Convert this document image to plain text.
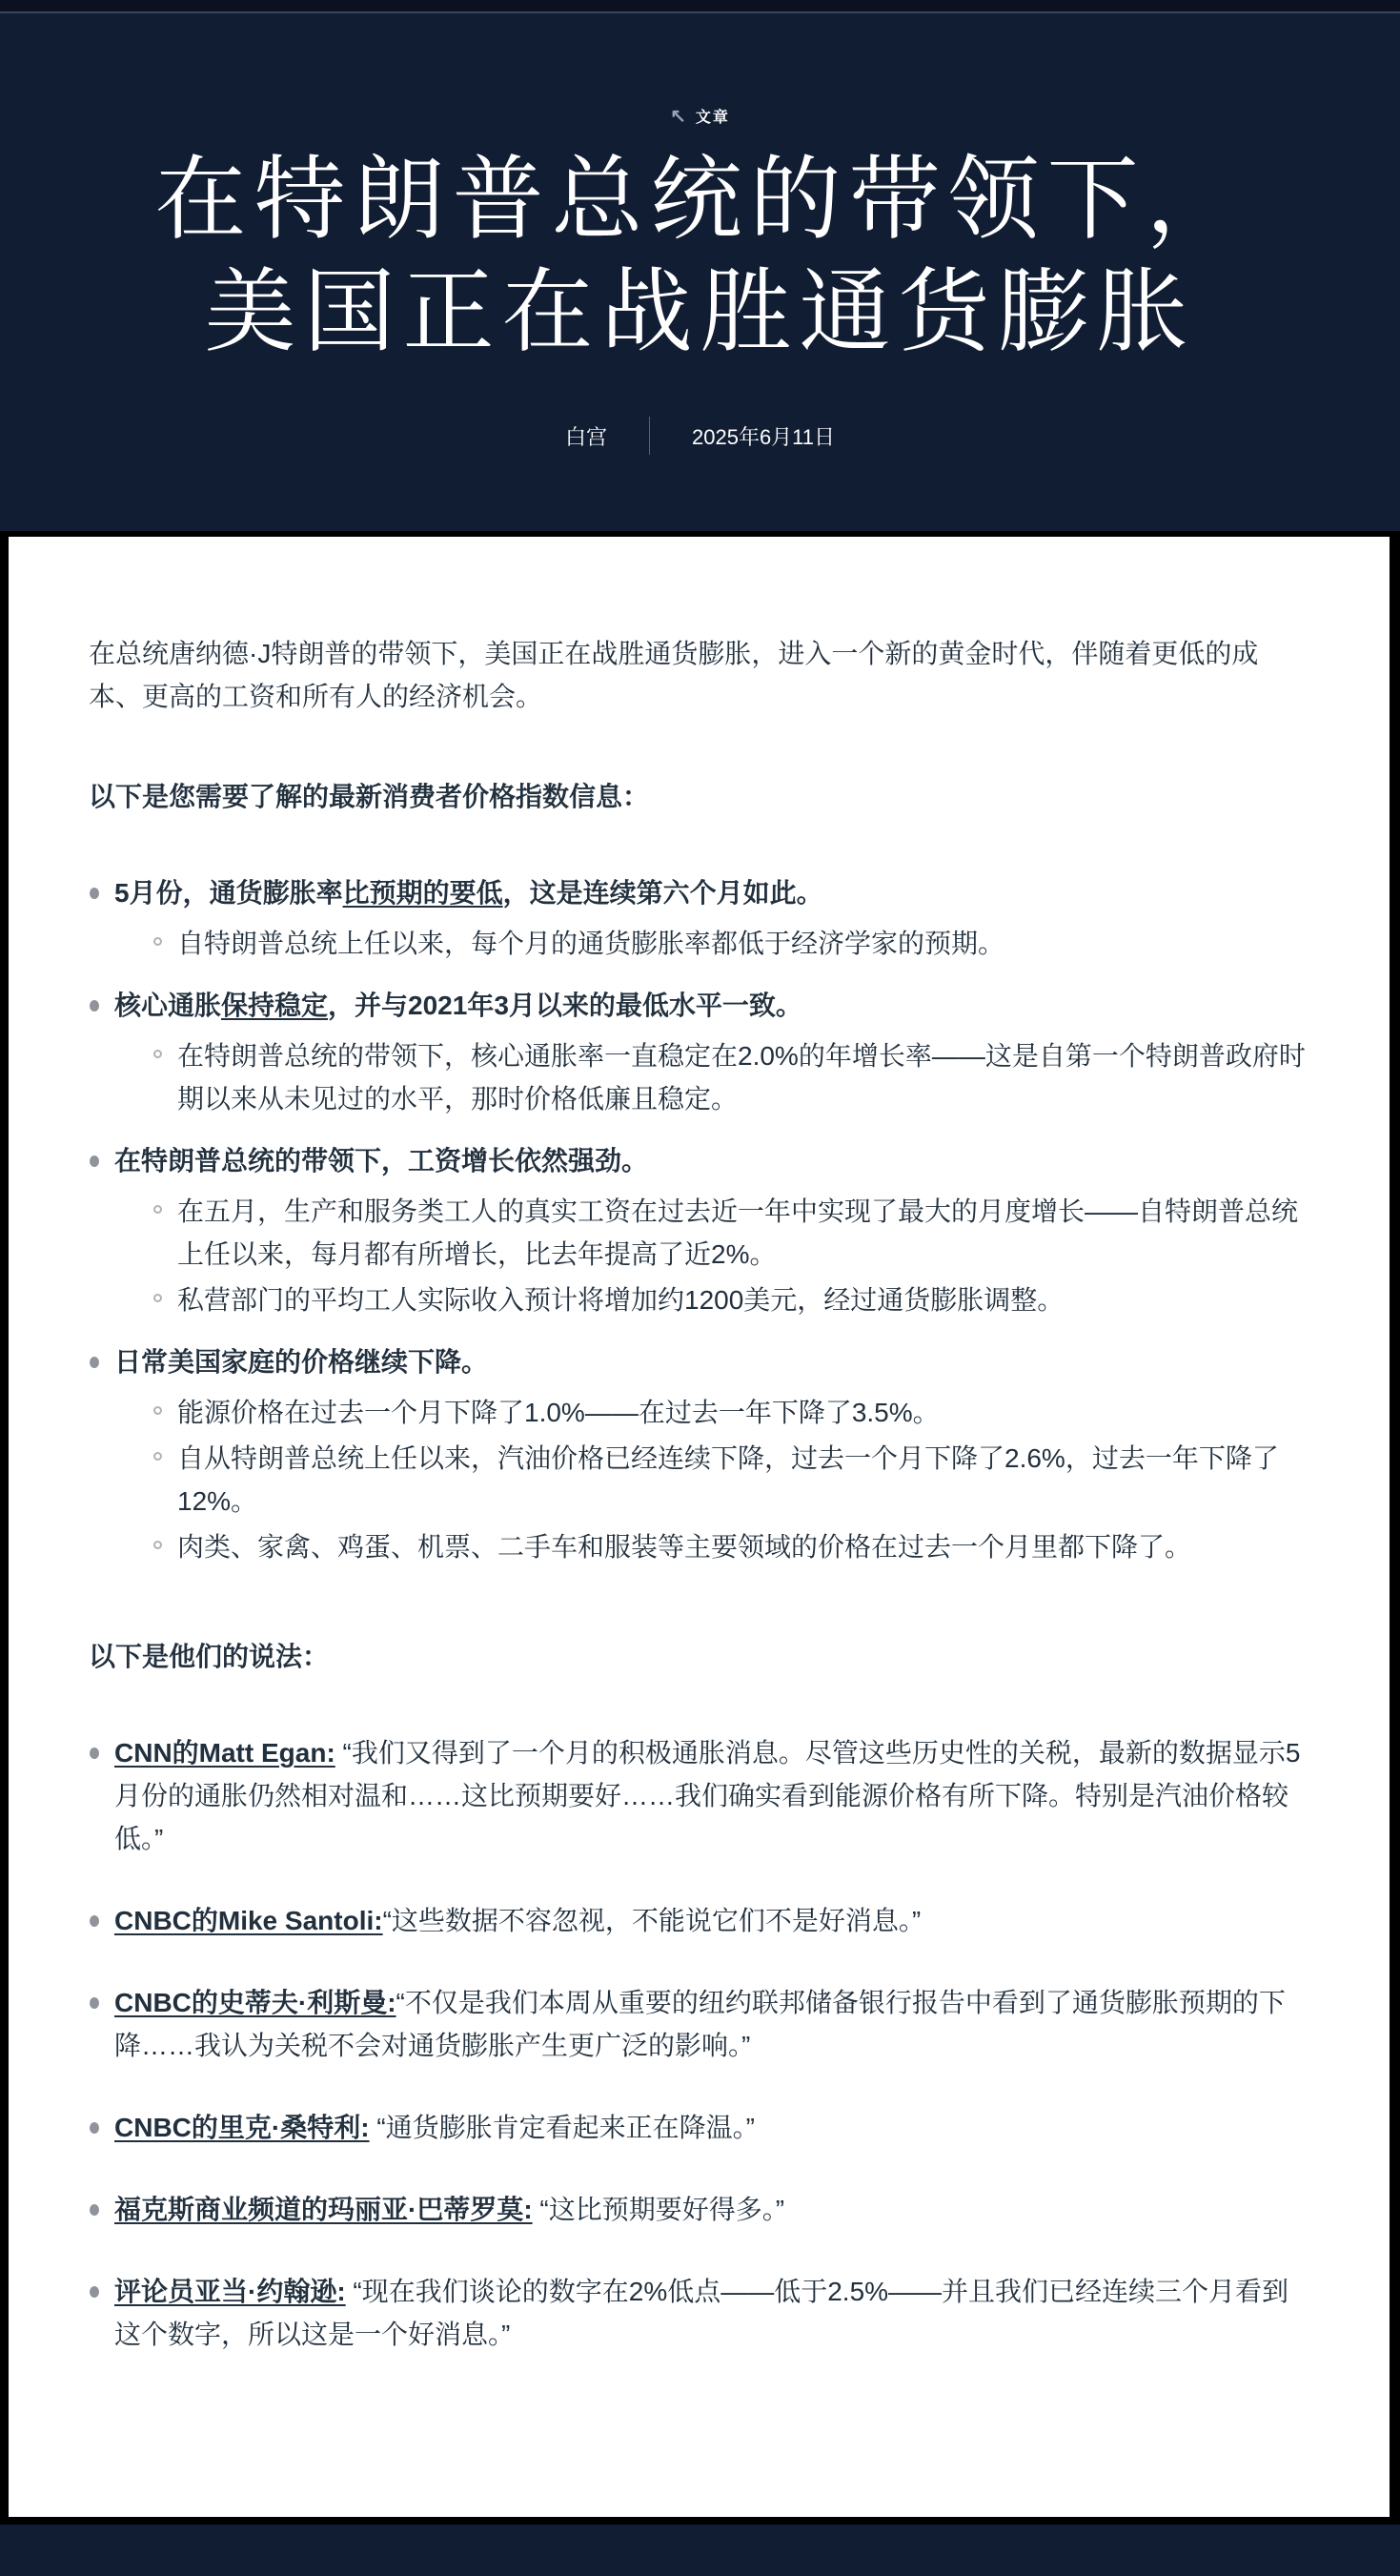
↖ 文章
在特朗普总统的带领下，
美国正在战胜通货膨胀
白宫	2025年6月11日

在总统唐纳德·J特朗普的带领下，美国正在战胜通货膨胀，进入一个新的黄金时代，伴随着更低的成本、更高的工资和所有人的经济机会。

以下是您需要了解的最新消费者价格指数信息：
5月份，通货膨胀率比预期的要低，这是连续第六个月如此。
自特朗普总统上任以来，每个月的通货膨胀率都低于经济学家的预期。
核心通胀保持稳定，并与2021年3月以来的最低水平一致。
在特朗普总统的带领下，核心通胀率一直稳定在2.0%的年增长率——这是自第一个特朗普政府时期以来从未见过的水平，那时价格低廉且稳定。
在特朗普总统的带领下，工资增长依然强劲。
在五月，生产和服务类工人的真实工资在过去近一年中实现了最大的月度增长——自特朗普总统上任以来，每月都有所增长，比去年提高了近2%。
私营部门的平均工人实际收入预计将增加约1200美元，经过通货膨胀调整。
日常美国家庭的价格继续下降。
能源价格在过去一个月下降了1.0%——在过去一年下降了3.5%。
自从特朗普总统上任以来，汽油价格已经连续下降，过去一个月下降了2.6%，过去一年下降了12%。
肉类、家禽、鸡蛋、机票、二手车和服装等主要领域的价格在过去一个月里都下降了。
以下是他们的说法：
CNN的Matt Egan: “我们又得到了一个月的积极通胀消息。尽管这些历史性的关税，最新的数据显示5月份的通胀仍然相对温和……这比预期要好……我们确实看到能源价格有所下降。特别是汽油价格较低。”
CNBC的Mike Santoli:“这些数据不容忽视，不能说它们不是好消息。”
CNBC的史蒂夫·利斯曼:“不仅是我们本周从重要的纽约联邦储备银行报告中看到了通货膨胀预期的下降……我认为关税不会对通货膨胀产生更广泛的影响。”
CNBC的里克·桑特利: “通货膨胀肯定看起来正在降温。”
福克斯商业频道的玛丽亚·巴蒂罗莫: “这比预期要好得多。”
评论员亚当·约翰逊: “现在我们谈论的数字在2%低点——低于2.5%——并且我们已经连续三个月看到这个数字，所以这是一个好消息。”
